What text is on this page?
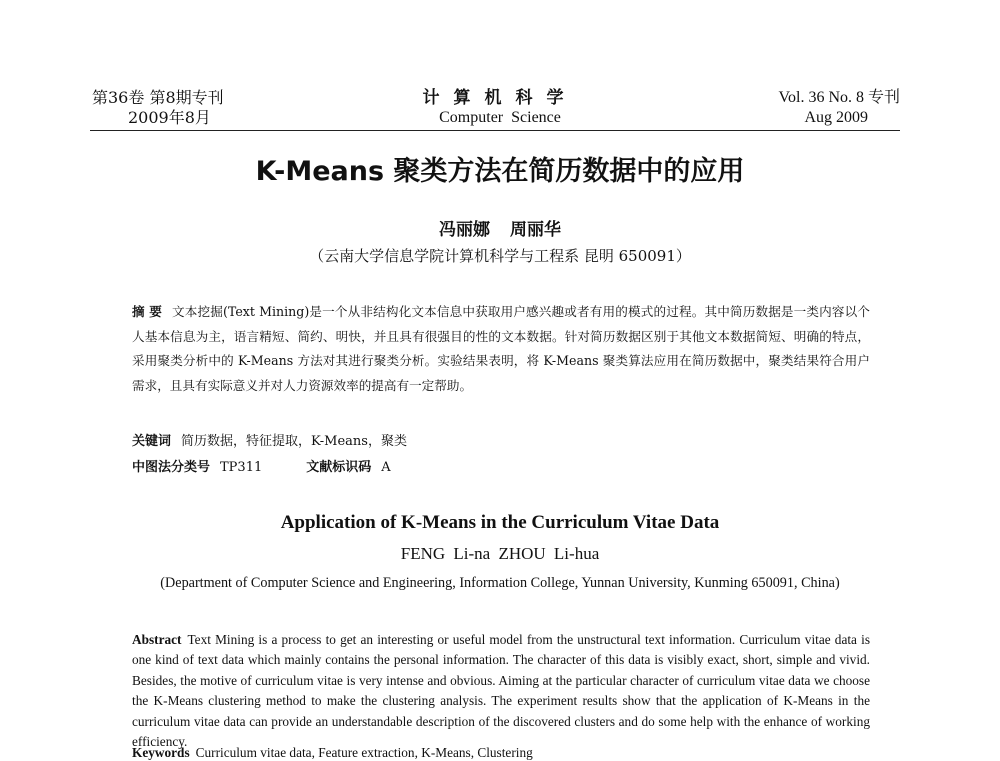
第36卷 第8期专刊
2009年8月
计算机科学
Computer Science
Vol. 36 No. 8 专刊
Aug 2009
K-Means 聚类方法在简历数据中的应用
冯丽娜 周丽华
（云南大学信息学院计算机科学与工程系 昆明 650091）
摘 要 文本挖掘(Text Mining)是一个从非结构化文本信息中获取用户感兴趣或者有用的模式的过程。其中简历数据是一类内容以个人基本信息为主，语言精短、简约、明快，并且具有很强目的性的文本数据。针对简历数据区别于其他文本数据简短、明确的特点，采用聚类分析中的 K-Means 方法对其进行聚类分析。实验结果表明，将 K-Means 聚类算法应用在简历数据中，聚类结果符合用户需求，且具有实际意义并对人力资源效率的提高有一定帮助。
关键词 简历数据，特征提取，K-Means，聚类
中图法分类号 TP311	文献标识码 A
Application of K-Means in the Curriculum Vitae Data
FENG Li-na ZHOU Li-hua
(Department of Computer Science and Engineering, Information College, Yunnan University, Kunming 650091, China)
Abstract Text Mining is a process to get an interesting or useful model from the unstructural text information. Curriculum vitae data is one kind of text data which mainly contains the personal information. The character of this data is visibly exact, short, simple and vivid. Besides, the motive of curriculum vitae is very intense and obvious. Aiming at the particular character of curriculum vitae data we choose the K-Means clustering method to make the clustering analysis. The experiment results show that the application of K-Means in the curriculum vitae data can provide an understandable description of the discovered clusters and do some help with the enhance of working efficiency.
Keywords Curriculum vitae data, Feature extraction, K-Means, Clustering
